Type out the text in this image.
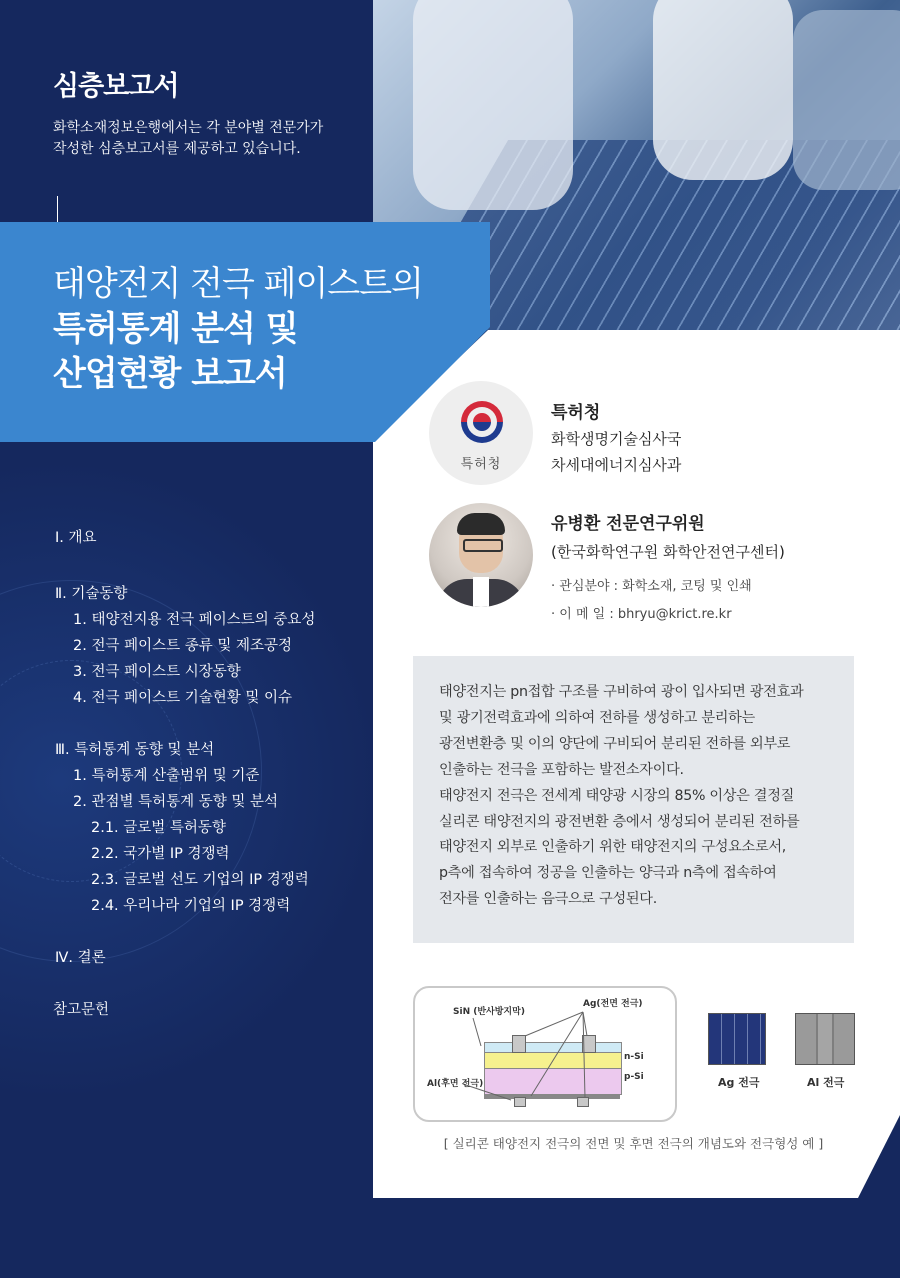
심층보고서
화학소재정보은행에서는 각 분야별 전문가가
작성한 심층보고서를 제공하고 있습니다.
태양전지 전극 페이스트의
특허통계 분석 및
산업현황 보고서
Ⅰ. 개요
Ⅱ. 기술동향
1. 태양전지용 전극 페이스트의 중요성
2. 전극 페이스트 종류 및 제조공정
3. 전극 페이스트 시장동향
4. 전극 페이스트 기술현황 및 이슈
Ⅲ. 특허통계 동향 및 분석
1. 특허통계 산출범위 및 기준
2. 관점별 특허통계 동향 및 분석
2.1. 글로벌 특허동향
2.2. 국가별 IP 경쟁력
2.3. 글로벌 선도 기업의 IP 경쟁력
2.4. 우리나라 기업의 IP 경쟁력
Ⅳ. 결론
참고문헌
특허청
특허청
화학생명기술심사국
차세대에너지심사과
유병환 전문연구위원
(한국화학연구원 화학안전연구센터)
· 관심분야 : 화학소재, 코팅 및 인쇄
· 이 메 일 : bhryu@krict.re.kr

태양전지는 pn접합 구조를 구비하여 광이 입사되면 광전효과
및 광기전력효과에 의하여 전하를 생성하고 분리하는
광전변환층 및 이의 양단에 구비되어 분리된 전하를 외부로
인출하는 전극을 포함하는 발전소자이다.
태양전지 전극은 전세계 태양광 시장의 85% 이상은 결정질
실리콘 태양전지의 광전변환 층에서 생성되어 분리된 전하를
태양전지 외부로 인출하기 위한 태양전지의 구성요소로서,
p측에 접속하여 정공을 인출하는 양극과 n측에 접속하여
전자를 인출하는 음극으로 구성된다.

SiN (반사방지막)
Ag(전면 전극)
n-Si
p-Si
Al(후면 전극)	Ag 전극	Al 전극
[ 실리콘 태양전지 전극의 전면 및 후면 전극의 개념도와 전극형성 예 ]
